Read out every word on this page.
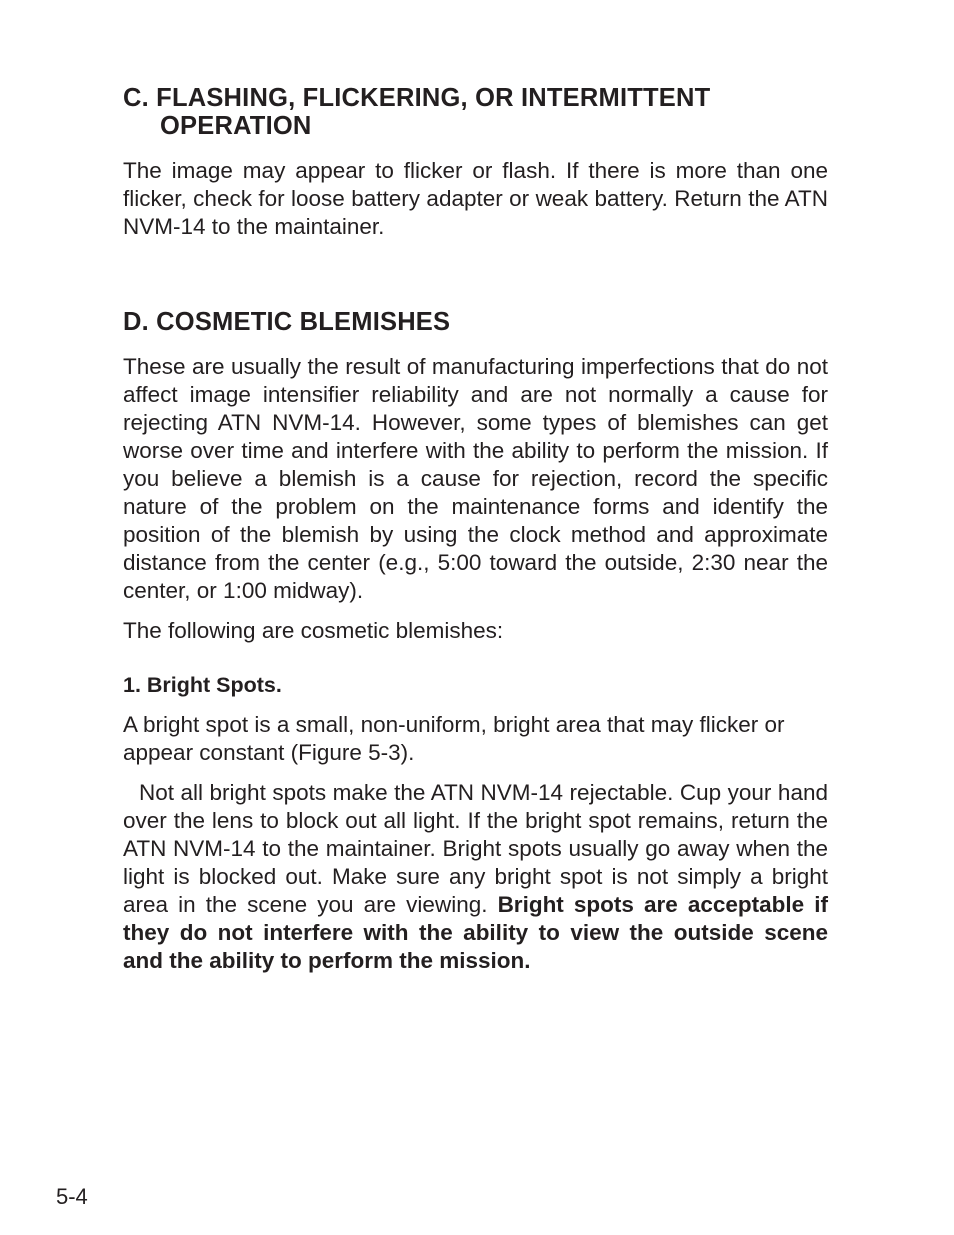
C. FLASHING, FLICKERING, OR INTERMITTENT
OPERATION

The image may appear to flicker or flash. If there is more than one flicker, check for loose battery adapter or weak battery. Return the ATN NVM-14 to the maintainer.

D. COSMETIC BLEMISHES

These are usually the result of manufacturing imperfections that do not affect image intensifier reliability and are not normally a cause for rejecting ATN NVM-14. However, some types of blemishes can get worse over time and interfere with the ability to perform the mission. If you believe a blemish is a cause for rejection, record the specific nature of the problem on the maintenance forms and identify the position of the blemish by using the clock method and approximate distance from the center (e.g., 5:00 toward the outside, 2:30 near the center, or 1:00 midway).

The following are cosmetic blemishes:

1. Bright Spots.

A bright spot is a small, non-uniform, bright area that may flicker or appear constant (Figure 5-3).

Not all bright spots make the ATN NVM-14 rejectable. Cup your hand over the lens to block out all light. If the bright spot remains, return the ATN NVM-14 to the maintainer. Bright spots usually go away when the light is blocked out. Make sure any bright spot is not simply a bright area in the scene you are viewing. Bright spots are acceptable if they do not interfere with the ability to view the outside scene and the ability to perform the mission.

5-4
